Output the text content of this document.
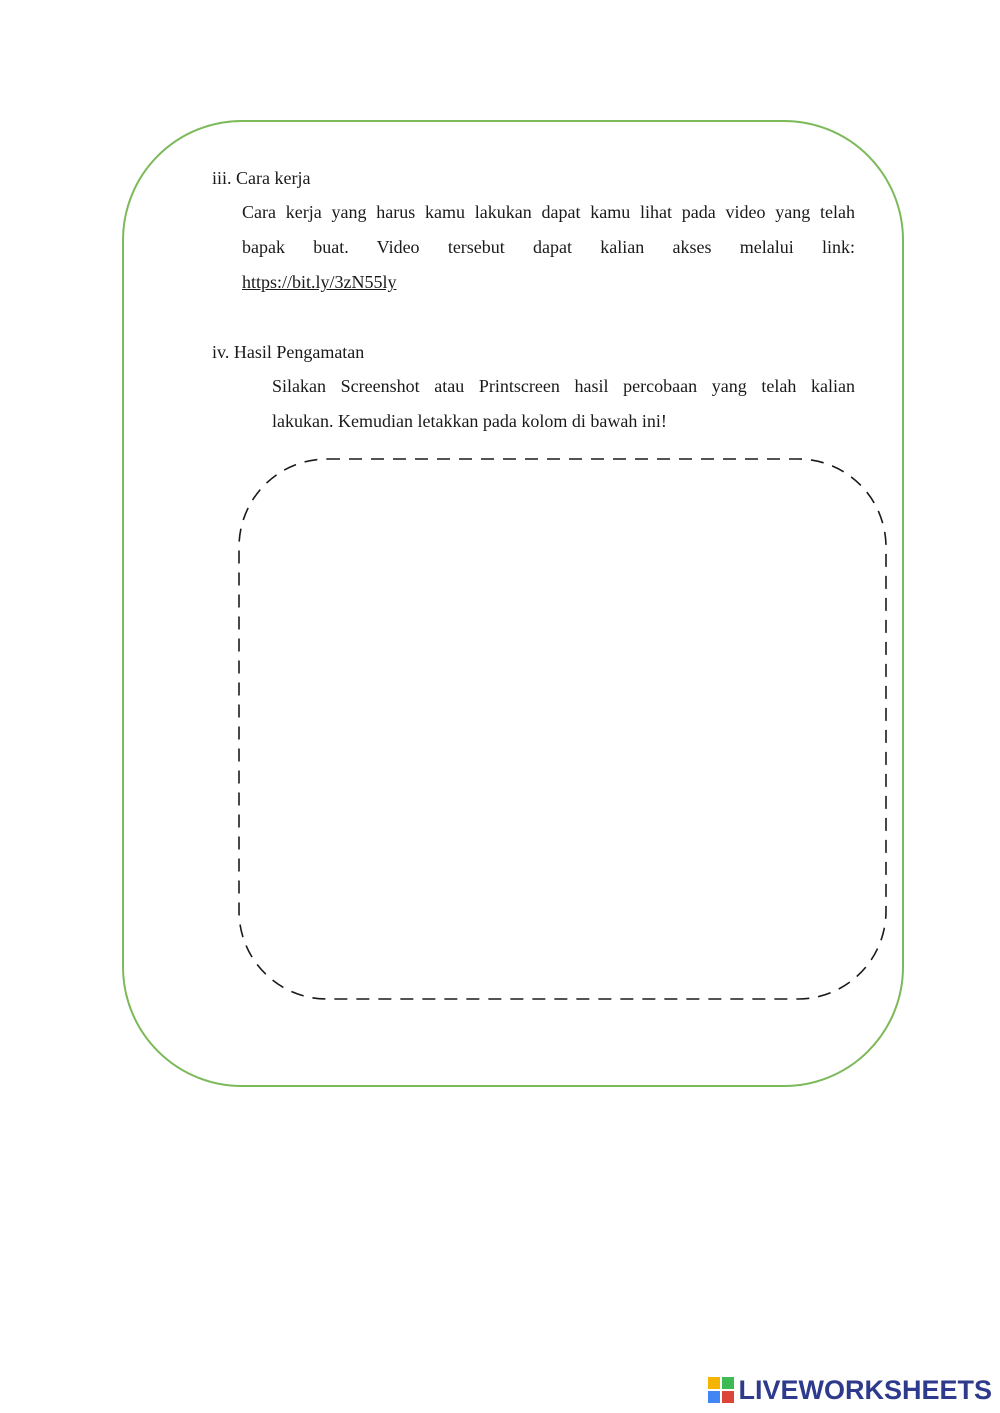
iii. Cara kerja
Cara kerja yang harus kamu lakukan dapat kamu lihat pada video yang telah
bapak buat. Video tersebut dapat kalian akses melalui link:
https://bit.ly/3zN55ly
iv. Hasil Pengamatan
Silakan Screenshot atau Printscreen hasil percobaan yang telah kalian
lakukan. Kemudian letakkan pada kolom di bawah ini!
LIVEWORKSHEETS
